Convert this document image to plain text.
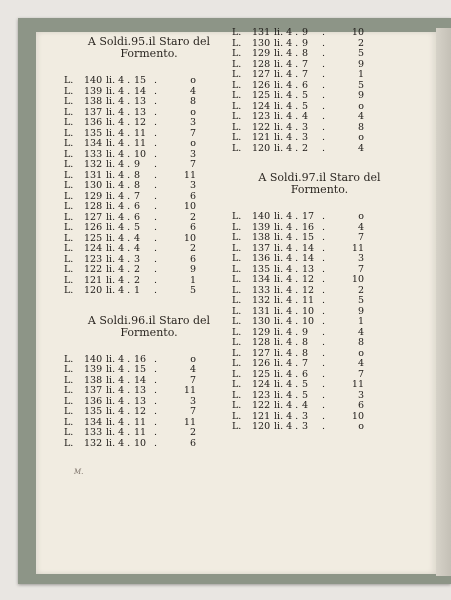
A Soldi.95.il Staro del
Formento.
L.	140 li. 4 . 15 .	o
L.	139 li. 4 . 14 .	4
L.	138 li. 4 . 13 .	8
L.	137 li. 4 . 13 .	o
L.	136 li. 4 . 12 .	3
L.	135 li. 4 . 11 .	7
L.	134 li. 4 . 11 .	o
L.	133 li. 4 . 10 .	3
L.	132 li. 4 . 9	.	7
L.	131 li. 4 . 8	.	11
L.	130 li. 4 . 8	.	3
L.	129 li. 4 . 7	.	6
L.	128 li. 4 . 6	.	10
L.	127 li. 4 . 6	.	2
L.	126 li. 4 . 5	.	6
L.	125 li. 4 . 4	.	10
L.	124 li. 4 . 4	.	2
L.	123 li. 4 . 3	.	6
L.	122 li. 4 . 2	.	9
L.	121 li. 4 . 2	.	1
L.	120 li. 4 . 1	.	5
A Soldi.96.il Staro del
Formento.
L.	140 li. 4 . 16 .	o
L.	139 li. 4 . 15 .	4
L.	138 li. 4 . 14 .	7
L.	137 li. 4 . 13 .	11
L.	136 li. 4 . 13 .	3
L.	135 li. 4 . 12 .	7
L.	134 li. 4 . 11 .	11
L.	133 li. 4 . 11 .	2
L.	132 li. 4 . 10 .	6
L.	131 li. 4 . 9	.	10
L.	130 li. 4 . 9	.	2
L.	129 li. 4 . 8	.	5
L.	128 li. 4 . 7	.	9
L.	127 li. 4 . 7	.	1
L.	126 li. 4 . 6	.	5
L.	125 li. 4 . 5	.	9
L.	124 li. 4 . 5	.	o
L.	123 li. 4 . 4	.	4
L.	122 li. 4 . 3	.	8
L.	121 li. 4 . 3	.	o
L.	120 li. 4 . 2	.	4
A Soldi.97.il Staro del
Formento.
L.	140 li. 4 . 17 .	o
L.	139 li. 4 . 16 .	4
L.	138 li. 4 . 15 .	7
L.	137 li. 4 . 14 .	11
L.	136 li. 4 . 14 .	3
L.	135 li. 4 . 13 .	7
L.	134 li. 4 . 12 .	10
L.	133 li. 4 . 12 .	2
L.	132 li. 4 . 11 .	5
L.	131 li. 4 . 10 .	9
L.	130 li. 4 . 10 .	1
L.	129 li. 4 . 9	.	4
L.	128 li. 4 . 8	.	8
L.	127 li. 4 . 8	.	o
L.	126 li. 4 . 7	.	4
L.	125 li. 4 . 6	.	7
L.	124 li. 4 . 5	.	11
L.	123 li. 4 . 5	.	3
L.	122 li. 4 . 4	.	6
L.	121 li. 4 . 3	.	10
L.	120 li. 4 . 3	.	o
M.
